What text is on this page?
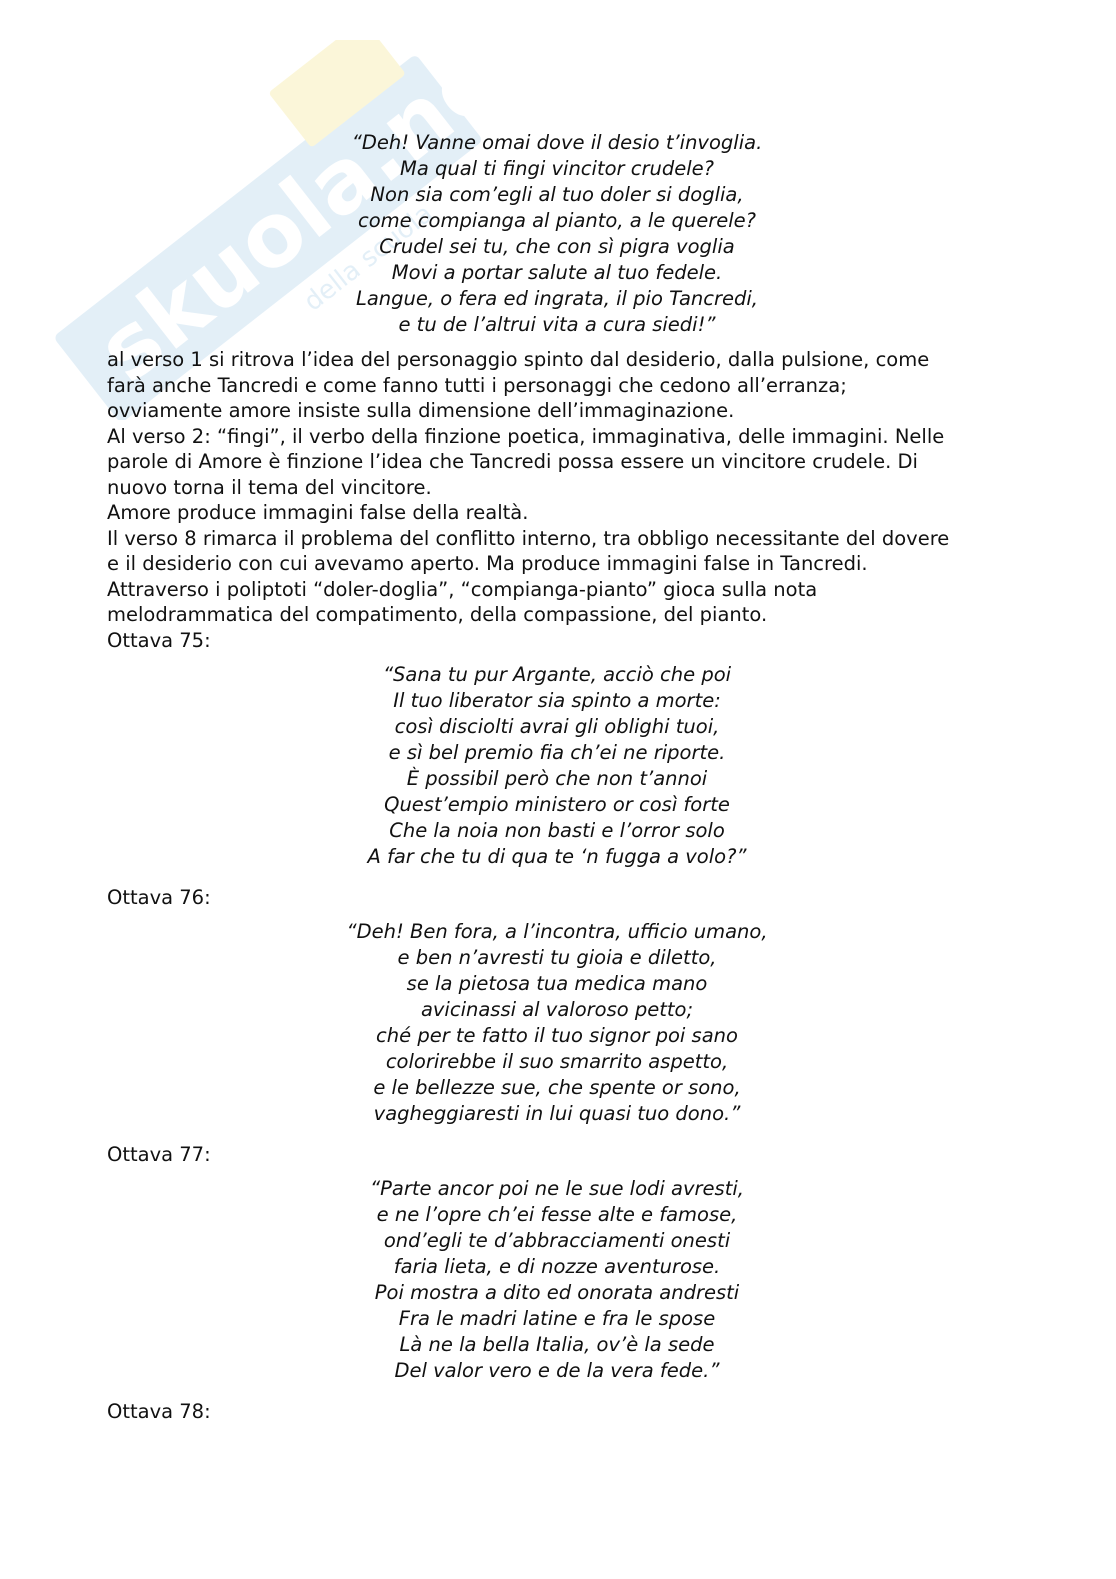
skuola.net
della scuola
“Deh! Vanne omai dove il desio t’invoglia.
Ma qual ti fingi vincitor crudele?
Non sia com’egli al tuo doler si doglia,
come compianga al pianto, a le querele?
Crudel sei tu, che con sì pigra voglia
Movi a portar salute al tuo fedele.
Langue, o fera ed ingrata, il pio Tancredi,
e tu de l’altrui vita a cura siedi!”

al verso 1 si ritrova l’idea del personaggio spinto dal desiderio, dalla pulsione, come

farà anche Tancredi e come fanno tutti i personaggi che cedono all’erranza;

ovviamente amore insiste sulla dimensione dell’immaginazione.

Al verso 2: “fingi”, il verbo della finzione poetica, immaginativa, delle immagini. Nelle

parole di Amore è finzione l’idea che Tancredi possa essere un vincitore crudele. Di

nuovo torna il tema del vincitore.

Amore produce immagini false della realtà.

Il verso 8 rimarca il problema del conflitto interno, tra obbligo necessitante del dovere

e il desiderio con cui avevamo aperto. Ma produce immagini false in Tancredi.

Attraverso i poliptoti “doler-doglia”, “compianga-pianto” gioca sulla nota

melodrammatica del compatimento, della compassione, del pianto.

Ottava 75:

“Sana tu pur Argante, acciò che poi
Il tuo liberator sia spinto a morte:
così disciolti avrai gli oblighi tuoi,
e sì bel premio fia ch’ei ne riporte.
È possibil però che non t’annoi
Quest’empio ministero or così forte
Che la noia non basti e l’orror solo
A far che tu di qua te ‘n fugga a volo?”

Ottava 76:

“Deh! Ben fora, a l’incontra, ufficio umano,
e ben n’avresti tu gioia e diletto,
se la pietosa tua medica mano
avicinassi al valoroso petto;
ché per te fatto il tuo signor poi sano
colorirebbe il suo smarrito aspetto,
e le bellezze sue, che spente or sono,
vagheggiaresti in lui quasi tuo dono.”

Ottava 77:

“Parte ancor poi ne le sue lodi avresti,
e ne l’opre ch’ei fesse alte e famose,
ond’egli te d’abbracciamenti onesti
faria lieta, e di nozze aventurose.
Poi mostra a dito ed onorata andresti
Fra le madri latine e fra le spose
Là ne la bella Italia, ov’è la sede
Del valor vero e de la vera fede.”

Ottava 78:
